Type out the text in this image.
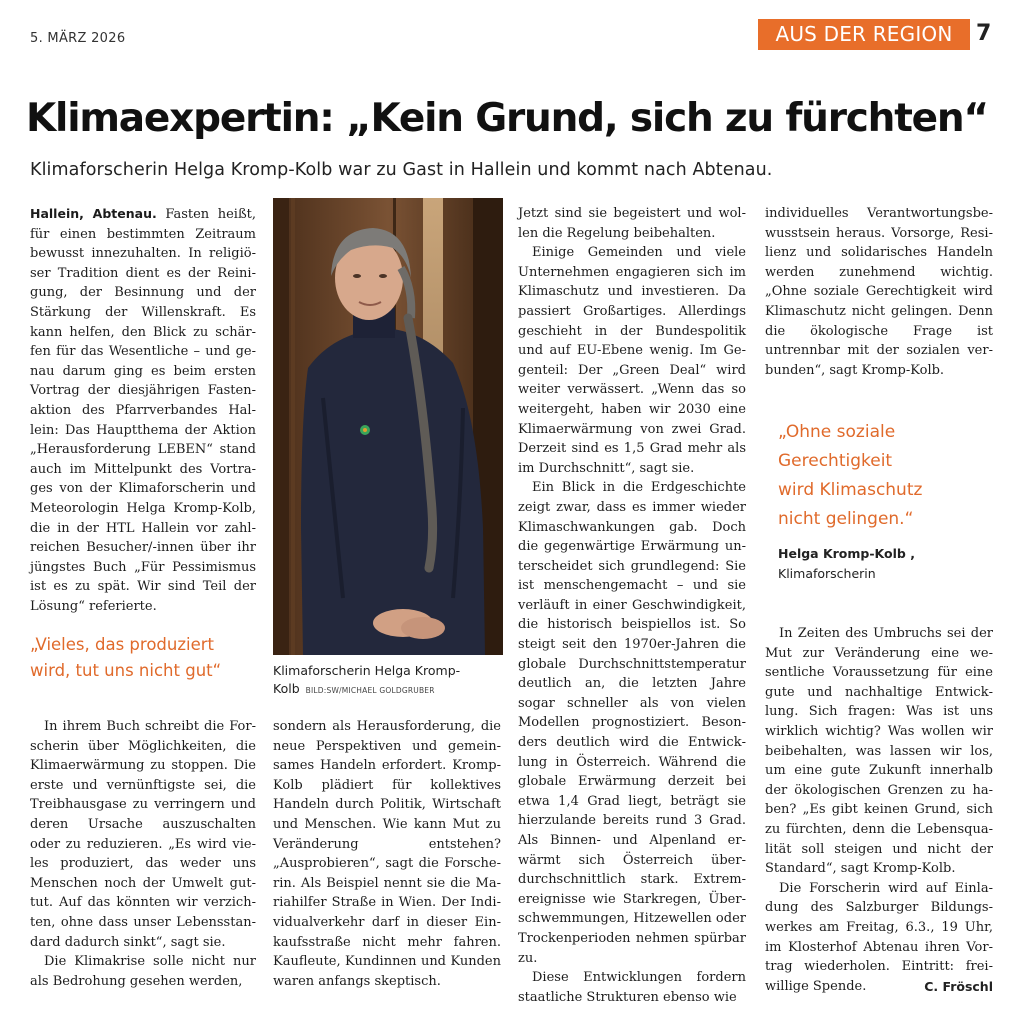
5. MÄRZ 2026	AUS DER REGION	7
Klimaexpertin: „Kein Grund, sich zu fürchten“
Klimaforscherin Helga Kromp-Kolb war zu Gast in Hallein und kommt nach Abtenau.

Hallein, Abtenau. Fasten heißt, für einen bestimmten Zeitraum bewusst innezuhalten. In religiöser Tradition dient es der Reinigung, der Besinnung und der Stärkung der Willenskraft. Es kann helfen, den Blick zu schärfen für das Wesentliche – und genau darum ging es beim ersten Vortrag der diesjährigen Fastenaktion des Pfarrverbandes Hallein: Das Hauptthema der Aktion „Herausforderung LEBEN“ stand auch im Mittelpunkt des Vortrages von der Klimaforscherin und Meteorologin Helga Kromp-Kolb, die in der HTL Hallein vor zahlreichen Besucher/-innen über ihr jüngstes Buch „Für Pessimismus ist es zu spät. Wir sind Teil der Lösung“ referierte.

„Vieles, das produziert wird, tut uns nicht gut“

In ihrem Buch schreibt die Forscherin über Möglichkeiten, die Klimaerwärmung zu stoppen. Die erste und vernünftigste sei, die Treibhausgase zu verringern und deren Ursache auszuschalten oder zu reduzieren. „Es wird vieles produziert, das weder uns Menschen noch der Umwelt guttut. Auf das könnten wir verzichten, ohne dass unser Lebensstandard dadurch sinkt“, sagt sie.

Die Klimakrise solle nicht nur als Bedrohung gesehen werden,

Klimaforscherin Helga Kromp-Kolb BILD:SW/MICHAEL GOLDGRUBER

sondern als Herausforderung, die neue Perspektiven und gemeinsames Handeln erfordert. Kromp-Kolb plädiert für kollektives Handeln durch Politik, Wirtschaft und Menschen. Wie kann Mut zu Veränderung entstehen? „Ausprobieren“, sagt die Forscherin. Als Beispiel nennt sie die Mariahilfer Straße in Wien. Der Individualverkehr darf in dieser Einkaufsstraße nicht mehr fahren. Kaufleute, Kundinnen und Kunden waren anfangs skeptisch.

Jetzt sind sie begeistert und wollen die Regelung beibehalten.

Einige Gemeinden und viele Unternehmen engagieren sich im Klimaschutz und investieren. Da passiert Großartiges. Allerdings geschieht in der Bundespolitik und auf EU-Ebene wenig. Im Gegenteil: Der „Green Deal“ wird weiter verwässert. „Wenn das so weitergeht, haben wir 2030 eine Klimaerwärmung von zwei Grad. Derzeit sind es 1,5 Grad mehr als im Durchschnitt“, sagt sie.

Ein Blick in die Erdgeschichte zeigt zwar, dass es immer wieder Klimaschwankungen gab. Doch die gegenwärtige Erwärmung unterscheidet sich grundlegend: Sie ist menschengemacht – und sie verläuft in einer Geschwindigkeit, die historisch beispiellos ist. So steigt seit den 1970er-Jahren die globale Durchschnittstemperatur deutlich an, die letzten Jahre sogar schneller als von vielen Modellen prognostiziert. Besonders deutlich wird die Entwicklung in Österreich. Während die globale Erwärmung derzeit bei etwa 1,4 Grad liegt, beträgt sie hierzulande bereits rund 3 Grad. Als Binnen- und Alpenland erwärmt sich Österreich überdurchschnittlich stark. Extremereignisse wie Starkregen, Überschwemmungen, Hitzewellen oder Trockenperioden nehmen spürbar zu.

Diese Entwicklungen fordern staatliche Strukturen ebenso wie

individuelles Verantwortungsbewusstsein heraus. Vorsorge, Resilienz und solidarisches Handeln werden zunehmend wichtig. „Ohne soziale Gerechtigkeit wird Klimaschutz nicht gelingen. Denn die ökologische Frage ist untrennbar mit der sozialen verbunden“, sagt Kromp-Kolb.

„Ohne soziale
Gerechtigkeit
wird Klimaschutz
nicht gelingen.“
Helga Kromp-Kolb ,
Klimaforscherin

In Zeiten des Umbruchs sei der Mut zur Veränderung eine wesentliche Voraussetzung für eine gute und nachhaltige Entwicklung. Sich fragen: Was ist uns wirklich wichtig? Was wollen wir beibehalten, was lassen wir los, um eine gute Zukunft innerhalb der ökologischen Grenzen zu haben? „Es gibt keinen Grund, sich zu fürchten, denn die Lebensqualität soll steigen und nicht der Standard“, sagt Kromp-Kolb.

Die Forscherin wird auf Einladung des Salzburger Bildungswerkes am Freitag, 6.3., 19 Uhr, im Klosterhof Abtenau ihren Vortrag wiederholen. Eintritt: freiwillige Spende.	C. Fröschl
